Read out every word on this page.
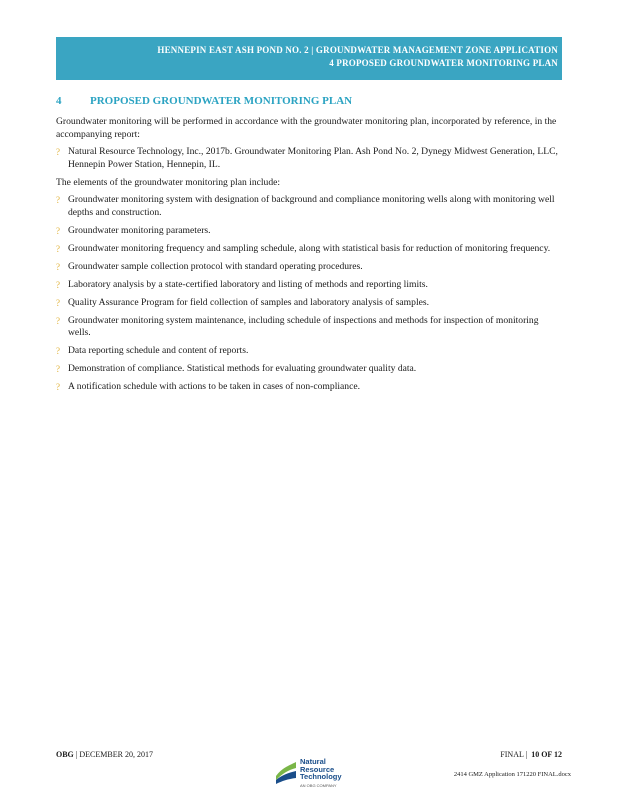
HENNEPIN EAST ASH POND NO. 2 | GROUNDWATER MANAGEMENT ZONE APPLICATION
4 PROPOSED GROUNDWATER MONITORING PLAN
4	PROPOSED GROUNDWATER MONITORING PLAN

Groundwater monitoring will be performed in accordance with the groundwater monitoring plan, incorporated by reference, in the accompanying report:

? Natural Resource Technology, Inc., 2017b. Groundwater Monitoring Plan. Ash Pond No. 2, Dynegy Midwest Generation, LLC, Hennepin Power Station, Hennepin, IL.

The elements of the groundwater monitoring plan include:

? Groundwater monitoring system with designation of background and compliance monitoring wells along with monitoring well depths and construction.
? Groundwater monitoring parameters.
? Groundwater monitoring frequency and sampling schedule, along with statistical basis for reduction of monitoring frequency.
? Groundwater sample collection protocol with standard operating procedures.
? Laboratory analysis by a state-certified laboratory and listing of methods and reporting limits.
? Quality Assurance Program for field collection of samples and laboratory analysis of samples.
? Groundwater monitoring system maintenance, including schedule of inspections and methods for inspection of monitoring wells.
? Data reporting schedule and content of reports.
? Demonstration of compliance. Statistical methods for evaluating groundwater quality data.
? A notification schedule with actions to be taken in cases of non-compliance.
OBG | DECEMBER 20, 2017
Natural
Resource
Technology
AN OBG COMPANY
FINAL |  10 OF 12
2414 GMZ Application 171220 FINAL.docx
